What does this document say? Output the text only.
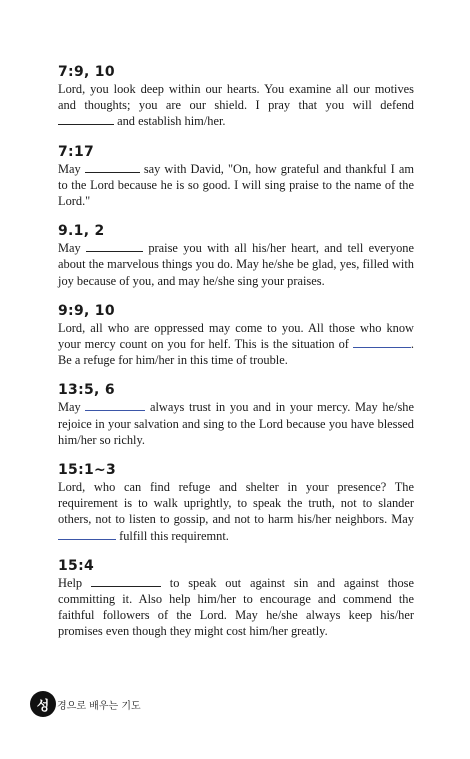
7:9, 10

Lord, you look deep within our hearts. You examine all our motives and thoughts; you are our shield. I pray that you will defend  and establish him/her.

7:17

May	say with David, "On, how grateful and thankful I am to the Lord because he is so good. I will sing praise to the name of the Lord."

9.1, 2

May	praise you with all his/her heart, and tell everyone about the marvelous things you do. May he/she be glad, yes, filled with joy because of you, and may he/she sing your praises.

9:9, 10

Lord, all who are oppressed may come to you. All those who know your mercy count on you for helf. This is the situation of	. Be a refuge for him/her in this time of trouble.

13:5, 6

May	always trust in you and in your mercy. May he/she rejoice in your salvation and sing to the Lord because you have blessed him/her so richly.

15:1~3

Lord, who can find refuge and shelter in your presence? The requirement is to walk uprightly, to speak the truth, not to slander others, not to listen to gossip, and not to harm his/her neighbors. May  fulfill this requiremnt.

15:4

Help	to speak out against sin and against those committing it. Also help him/her to encourage and commend the faithful followers of the Lord. May he/she always keep his/her promises even though they might cost him/her greatly.

성 경으로 배우는 기도
